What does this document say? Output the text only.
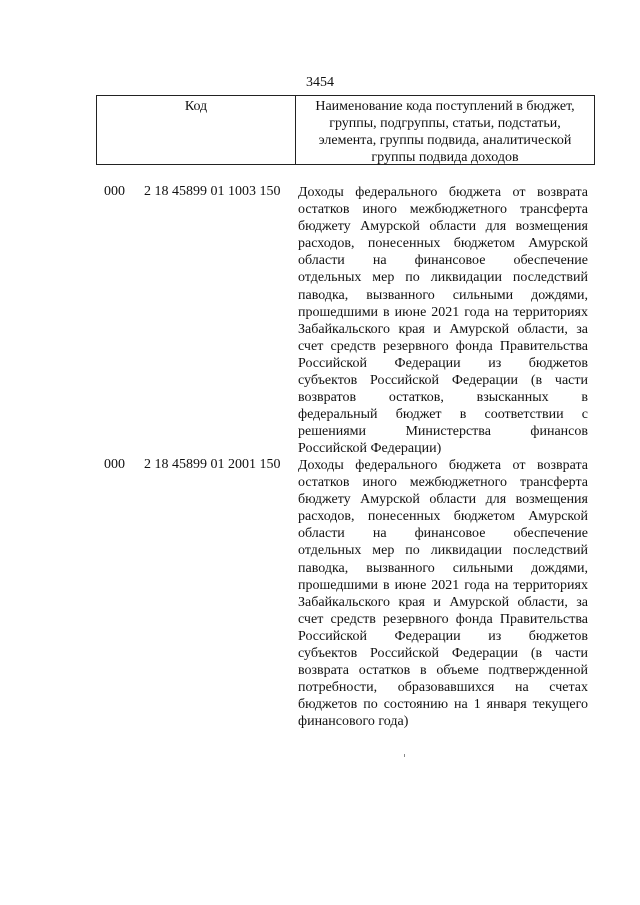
3454
Код	Наименование кода поступлений в бюджет, группы, подгруппы, статьи, подстатьи, элемента, группы подвида, аналитической группы подвида доходов
000 2 18 45899 01 1003 150 Доходы федерального бюджета от возврата
остатков иного межбюджетного трансферта
бюджету Амурской области для возмещения
расходов, понесенных бюджетом Амурской
области на финансовое обеспечение
отдельных мер по ликвидации последствий
паводка, вызванного сильными дождями,
прошедшими в июне 2021 года на территориях
Забайкальского края и Амурской области, за
счет средств резервного фонда Правительства
Российской Федерации из бюджетов
субъектов Российской Федерации (в части
возвратов остатков, взысканных в
федеральный бюджет в соответствии с
решениями Министерства финансов
Российской Федерации)
000 2 18 45899 01 2001 150 Доходы федерального бюджета от возврата
остатков иного межбюджетного трансферта
бюджету Амурской области для возмещения
расходов, понесенных бюджетом Амурской
области на финансовое обеспечение
отдельных мер по ликвидации последствий
паводка, вызванного сильными дождями,
прошедшими в июне 2021 года на территориях
Забайкальского края и Амурской области, за
счет средств резервного фонда Правительства
Российской Федерации из бюджетов
субъектов Российской Федерации (в части
возврата остатков в объеме подтвержденной
потребности, образовавшихся на счетах
бюджетов по состоянию на 1 января текущего
финансового года)
